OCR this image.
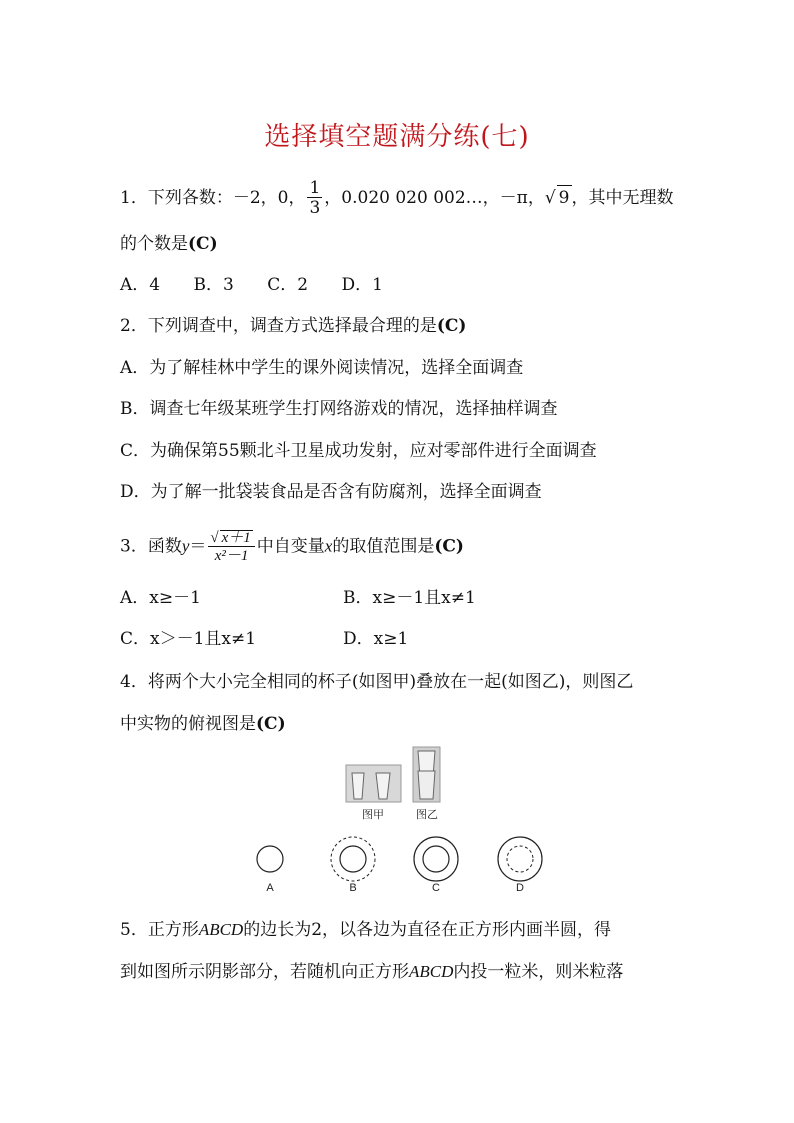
选择填空题满分练(七)
1．下列各数：－2，0， $\frac{1}{3}$ ，0.020 020 002…，－π，√ 9 ，其中无理数
的个数是(C)
A．4 B．3 C．2 D．1
2．下列调查中，调查方式选择最合理的是(C)
A．为了解桂林中学生的课外阅读情况，选择全面调查
B．调查七年级某班学生打网络游戏的情况，选择抽样调查
C．为确保第55颗北斗卫星成功发射，应对零部件进行全面调查
D．为了解一批袋装食品是否含有防腐剂，选择全面调查
3．函数$y= \frac{√ x+1}{\text{x²－1}}$ 中自变量x的取值范围是(C)
A．x≥－1	B．x≥－1且x≠1
C．x＞－1且x≠1	D．x≥1
4．将两个大小完全相同的杯子(如图甲)叠放在一起(如图乙)，则图乙
中实物的俯视图是(C)
图甲	图乙
A	B	C	D
5．正方形ABCD的边长为2，以各边为直径在正方形内画半圆，得
到如图所示阴影部分，若随机向正方形ABCD内投一粒米，则米粒落
